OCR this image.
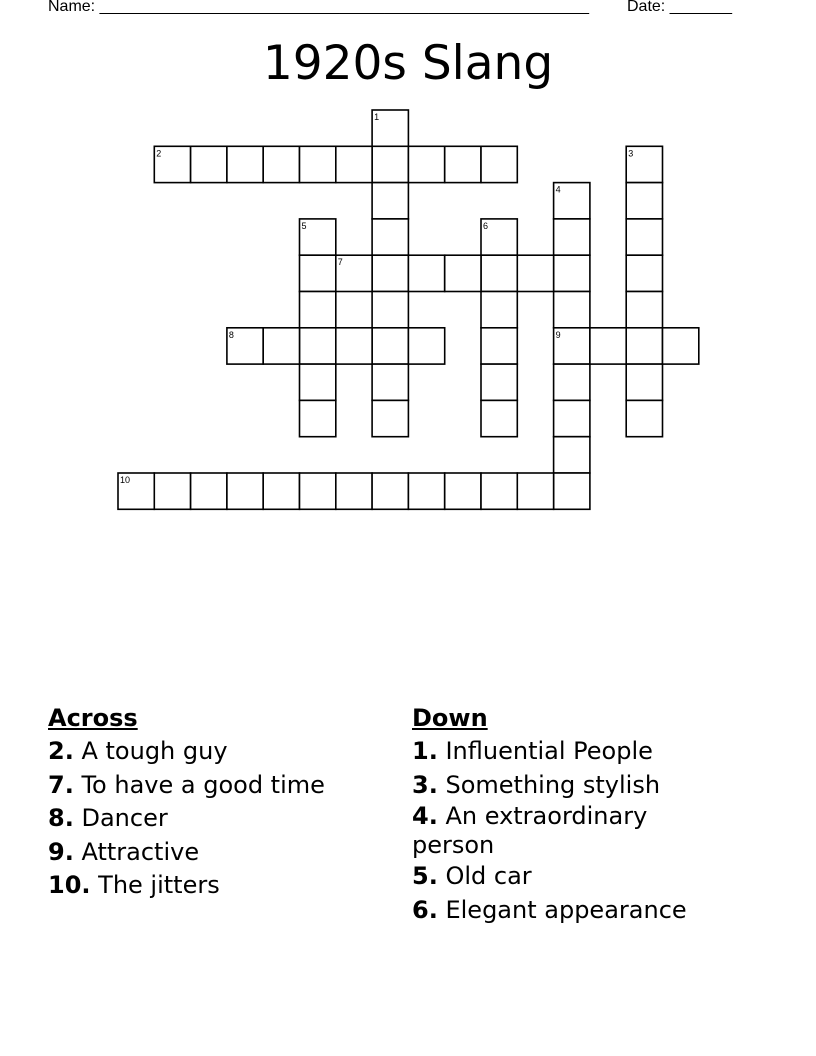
Name: _______________________________________________________ Date: _______
1920s Slang
1
2	3
4
5	6
7
8	9
10
Across
2. A tough guy
7. To have a good time
8. Dancer
9. Attractive
10. The jitters
Down
1. Influential People
3. Something stylish
4. An extraordinary person
5. Old car
6. Elegant appearance
